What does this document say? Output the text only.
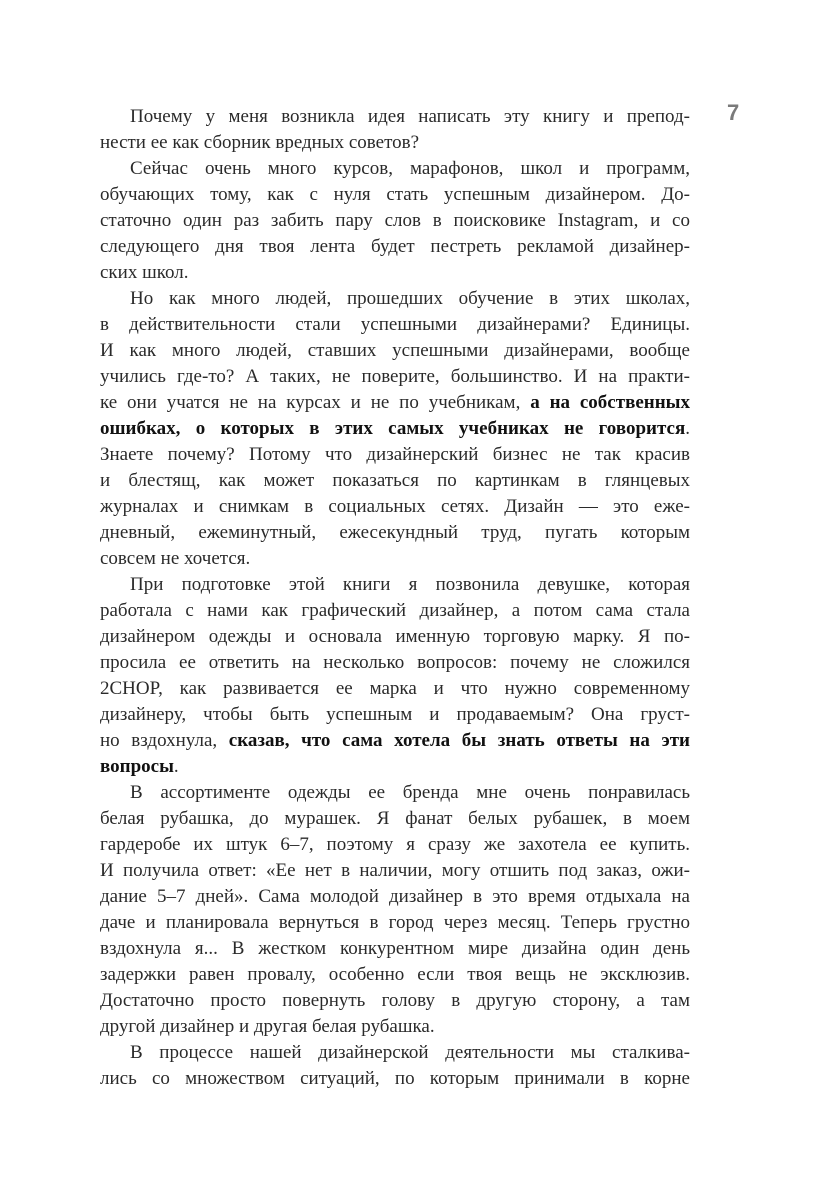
7
Почему у меня возникла идея написать эту книгу и препод-
нести ее как сборник вредных советов?
Сейчас очень много курсов, марафонов, школ и программ,
обучающих тому, как с нуля стать успешным дизайнером. До-
статочно один раз забить пару слов в поисковике Instagram, и со
следующего дня твоя лента будет пестреть рекламой дизайнер-
ских школ.
Но как много людей, прошедших обучение в этих школах,
в действительности стали успешными дизайнерами? Единицы.
И как много людей, ставших успешными дизайнерами, вообще
учились где-то? А таких, не поверите, большинство. И на практи-
ке они учатся не на курсах и не по учебникам, а на собственных
ошибках, о которых в этих самых учебниках не говорится.
Знаете почему? Потому что дизайнерский бизнес не так красив
и блестящ, как может показаться по картинкам в глянцевых
журналах и снимкам в социальных сетях. Дизайн — это еже-
дневный, ежеминутный, ежесекундный труд, пугать которым
совсем не хочется.
При подготовке этой книги я позвонила девушке, которая
работала с нами как графический дизайнер, а потом сама стала
дизайнером одежды и основала именную торговую марку. Я по-
просила ее ответить на несколько вопросов: почему не сложился
2CHOP, как развивается ее марка и что нужно современному
дизайнеру, чтобы быть успешным и продаваемым? Она груст-
но вздохнула, сказав, что сама хотела бы знать ответы на эти
вопросы.
В ассортименте одежды ее бренда мне очень понравилась
белая рубашка, до мурашек. Я фанат белых рубашек, в моем
гардеробе их штук 6–7, поэтому я сразу же захотела ее купить.
И получила ответ: «Ее нет в наличии, могу отшить под заказ, ожи-
дание 5–7 дней». Сама молодой дизайнер в это время отдыхала на
даче и планировала вернуться в город через месяц. Теперь грустно
вздохнула я... В жестком конкурентном мире дизайна один день
задержки равен провалу, особенно если твоя вещь не эксклюзив.
Достаточно просто повернуть голову в другую сторону, а там
другой дизайнер и другая белая рубашка.
В процессе нашей дизайнерской деятельности мы сталкива-
лись со множеством ситуаций, по которым принимали в корне
